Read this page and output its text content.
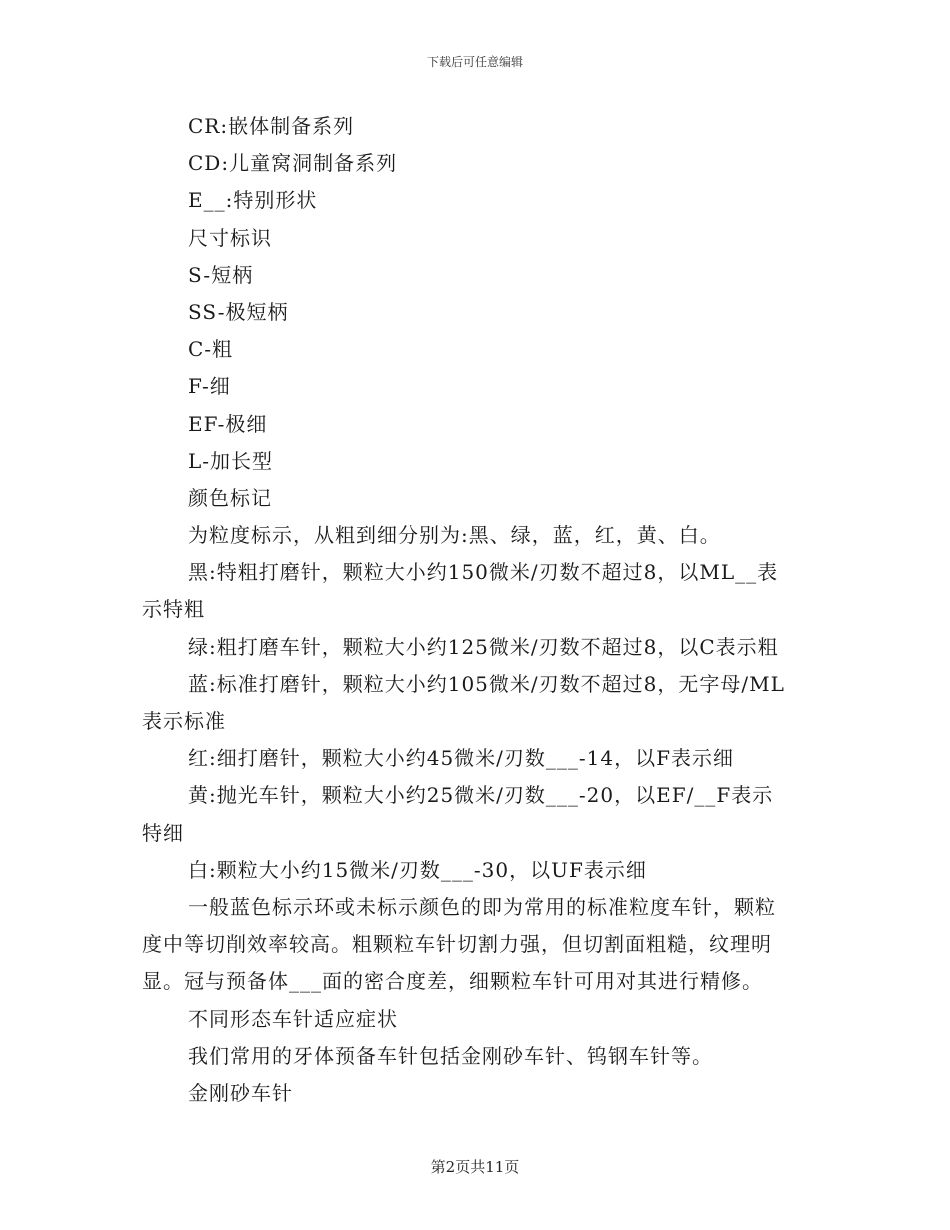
下载后可任意编辑
CR:嵌体制备系列
CD:儿童窝洞制备系列
E__:特别形状
尺寸标识
S-短柄
SS-极短柄
C-粗
F-细
EF-极细
L-加长型
颜色标记
为粒度标示，从粗到细分别为:黑、绿，蓝，红，黄、白。
黑:特粗打磨针，颗粒大小约150微米/刃数不超过8，以ML__表
示特粗
绿:粗打磨车针，颗粒大小约125微米/刃数不超过8，以C表示粗
蓝:标准打磨针，颗粒大小约105微米/刃数不超过8，无字母/ML
表示标准
红:细打磨针，颗粒大小约45微米/刃数___-14，以F表示细
黄:抛光车针，颗粒大小约25微米/刃数___-20，以EF/__F表示
特细
白:颗粒大小约15微米/刃数___-30，以UF表示细
一般蓝色标示环或未标示颜色的即为常用的标准粒度车针，颗粒
度中等切削效率较高。粗颗粒车针切割力强，但切割面粗糙，纹理明
显。冠与预备体___面的密合度差，细颗粒车针可用对其进行精修。
不同形态车针适应症状
我们常用的牙体预备车针包括金刚砂车针、钨钢车针等。
金刚砂车针
第2页共11页
